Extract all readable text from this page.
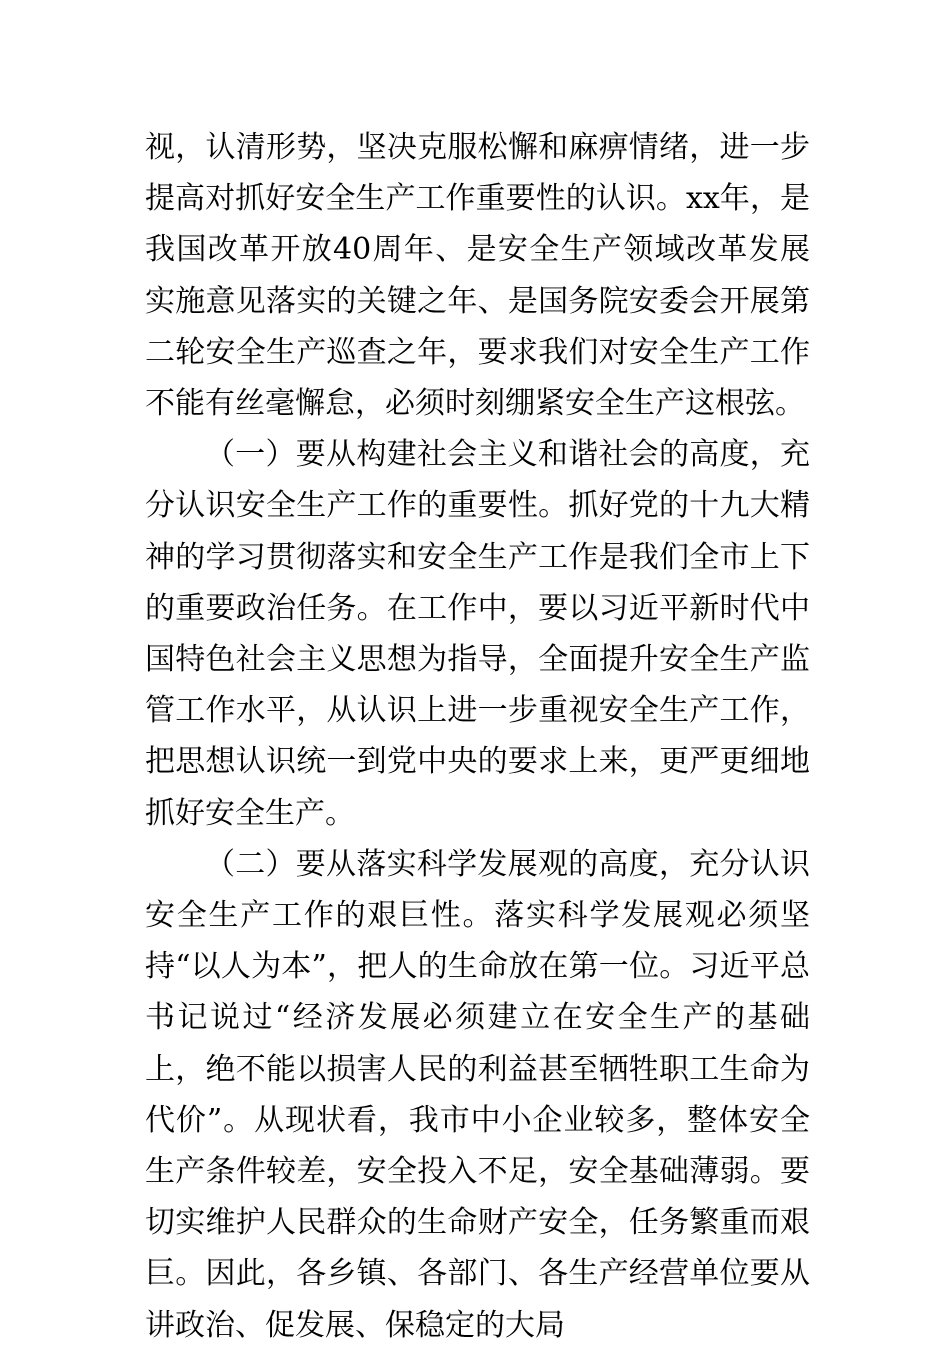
视，认清形势，坚决克服松懈和麻痹情绪，进一步提高对抓好安全生产工作重要性的认识。xx年，是我国改革开放40周年、是安全生产领域改革发展实施意见落实的关键之年、是国务院安委会开展第二轮安全生产巡查之年，要求我们对安全生产工作不能有丝毫懈怠，必须时刻绷紧安全生产这根弦。

（一）要从构建社会主义和谐社会的高度，充分认识安全生产工作的重要性。抓好党的十九大精神的学习贯彻落实和安全生产工作是我们全市上下的重要政治任务。在工作中，要以习近平新时代中国特色社会主义思想为指导，全面提升安全生产监管工作水平，从认识上进一步重视安全生产工作，把思想认识统一到党中央的要求上来，更严更细地抓好安全生产。

（二）要从落实科学发展观的高度，充分认识安全生产工作的艰巨性。落实科学发展观必须坚持“以人为本”，把人的生命放在第一位。习近平总书记说过“经济发展必须建立在安全生产的基础上，绝不能以损害人民的利益甚至牺牲职工生命为代价”。从现状看，我市中小企业较多，整体安全生产条件较差，安全投入不足，安全基础薄弱。要切实维护人民群众的生命财产安全，任务繁重而艰巨。因此，各乡镇、各部门、各生产经营单位要从讲政治、促发展、保稳定的大局
